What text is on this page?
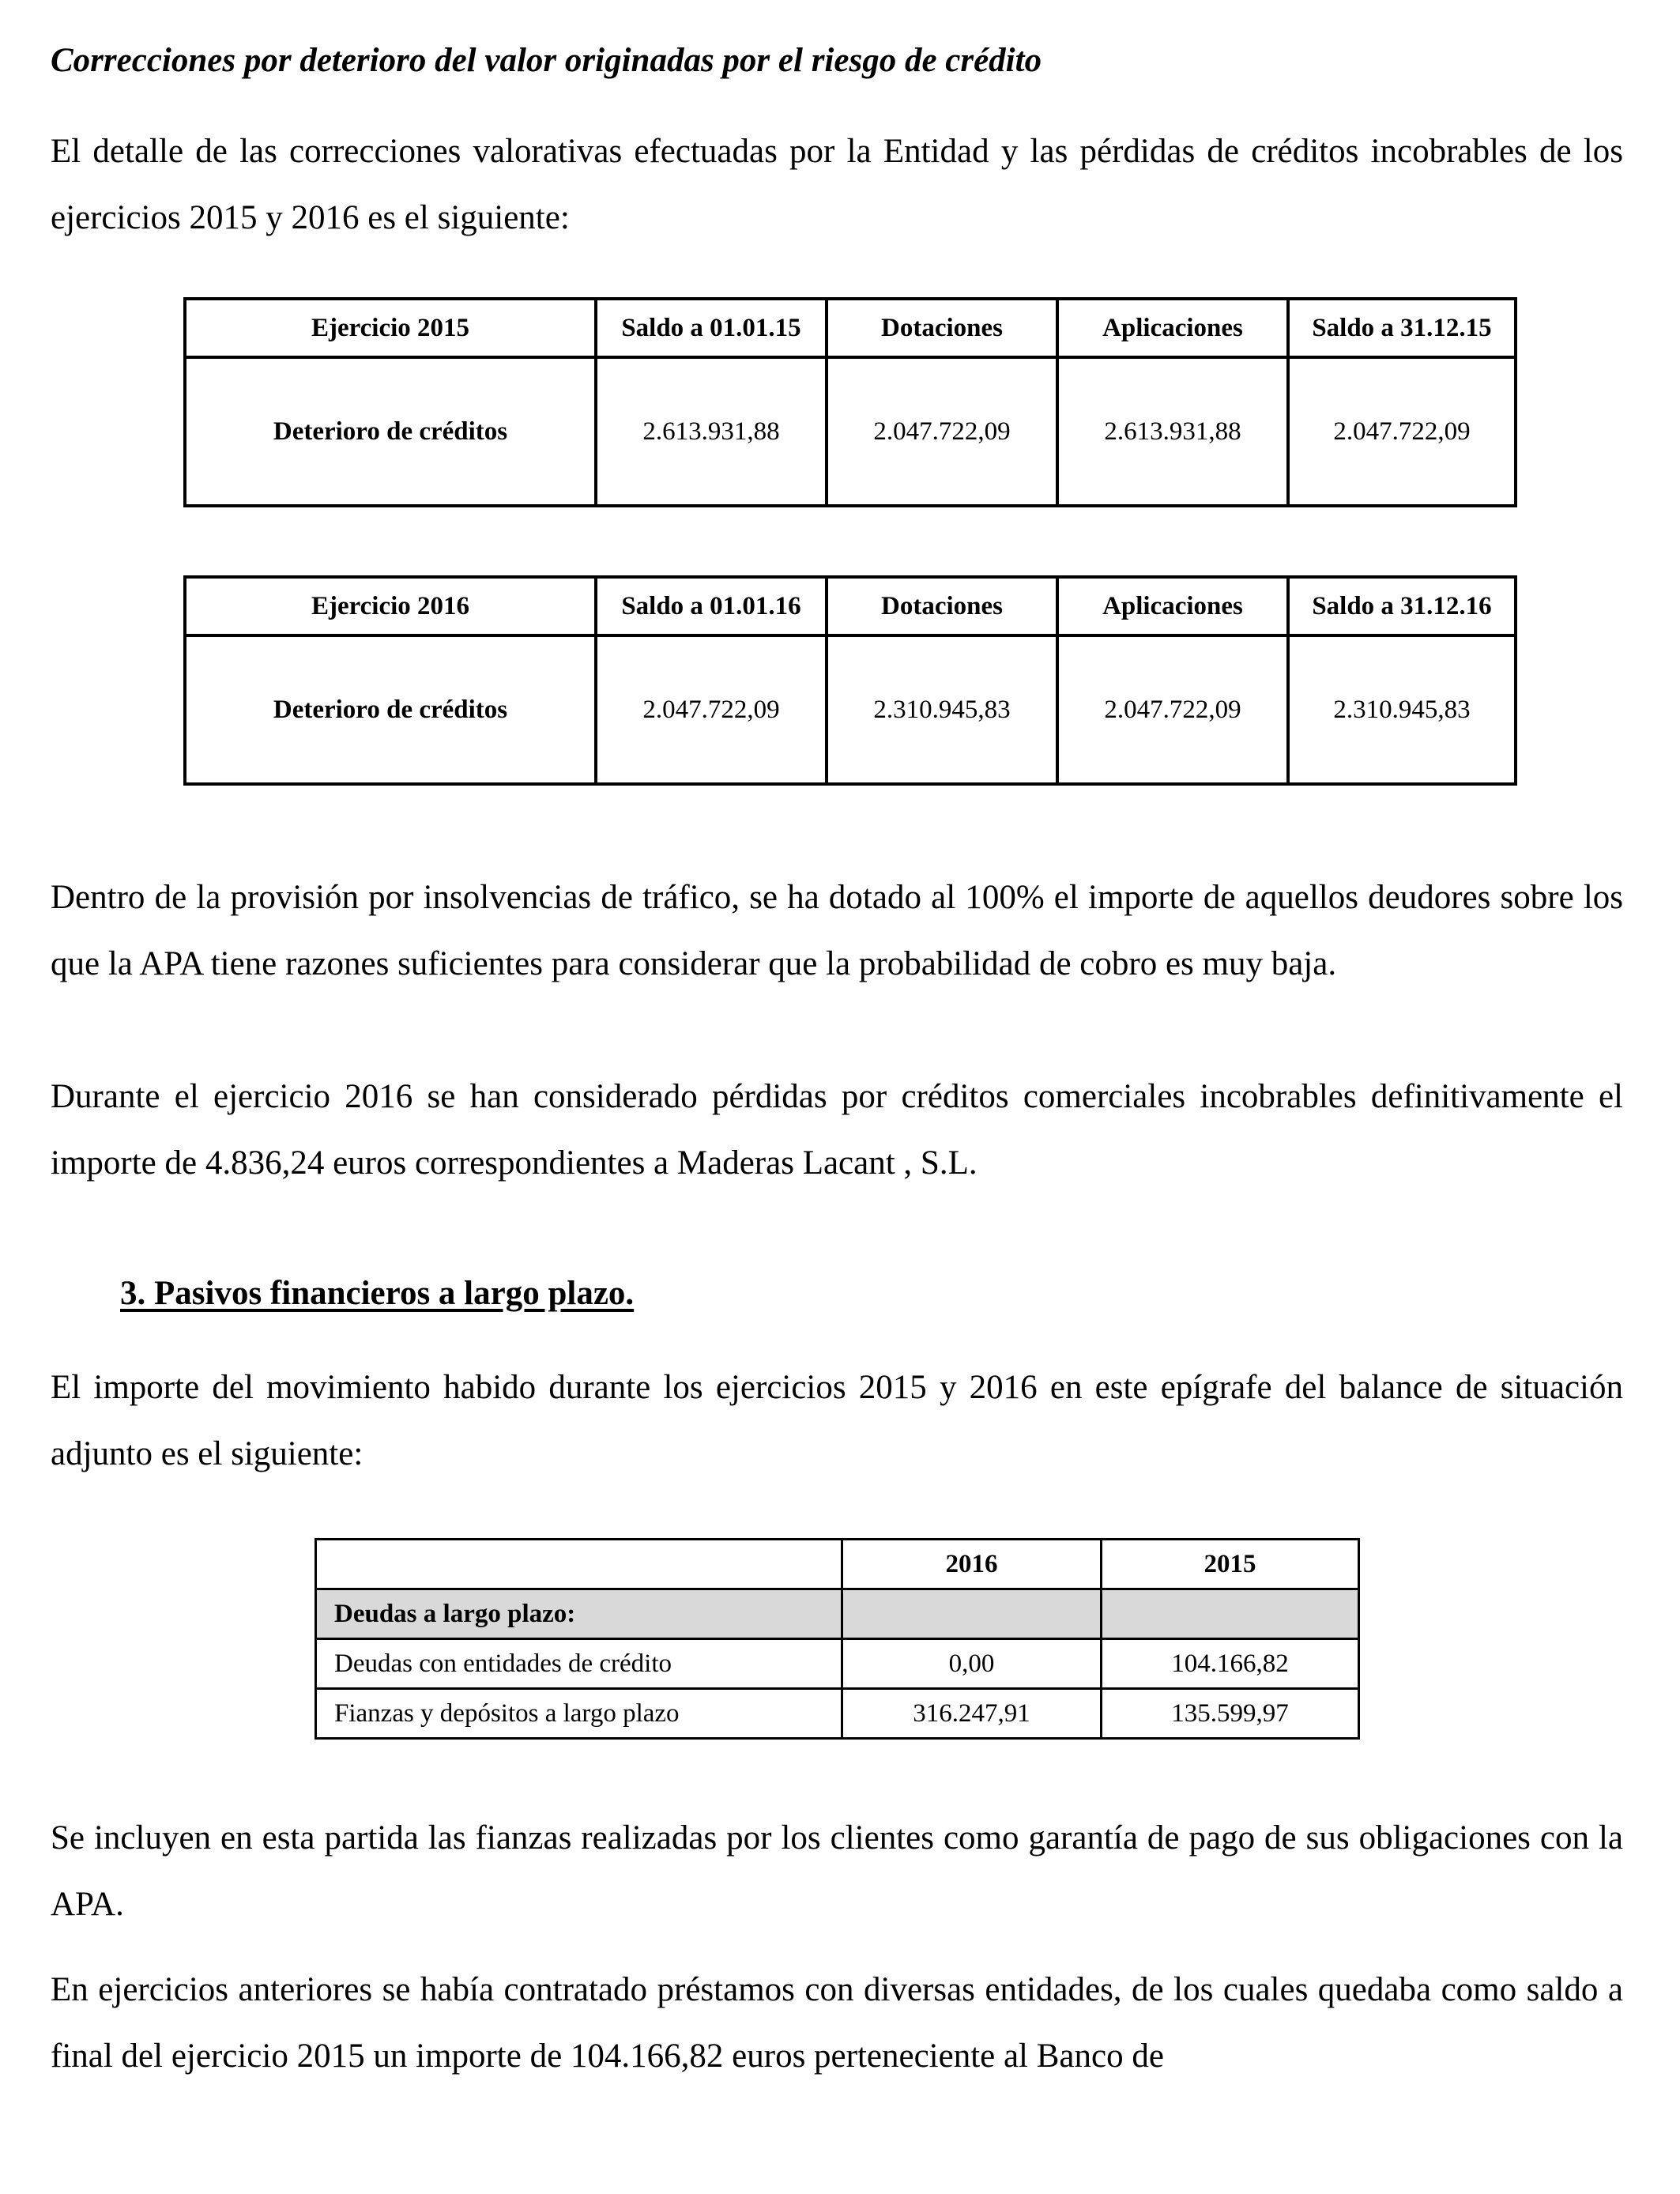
Correcciones por deterioro del valor originadas por el riesgo de crédito
El detalle de las correcciones valorativas efectuadas por la Entidad y las pérdidas de créditos incobrables de los ejercicios 2015 y 2016 es el siguiente:
Ejercicio 2015	Saldo a 01.01.15	Dotaciones	Aplicaciones	Saldo a 31.12.15
Deterioro de créditos	2.613.931,88	2.047.722,09	2.613.931,88	2.047.722,09
Ejercicio 2016	Saldo a 01.01.16	Dotaciones	Aplicaciones	Saldo a 31.12.16
Deterioro de créditos	2.047.722,09	2.310.945,83	2.047.722,09	2.310.945,83
Dentro de la provisión por insolvencias de tráfico, se ha dotado al 100% el importe de aquellos deudores sobre los que la APA tiene razones suficientes para considerar que la probabilidad de cobro es muy baja.
Durante el ejercicio 2016 se han considerado pérdidas por créditos comerciales incobrables definitivamente el importe de 4.836,24 euros correspondientes a Maderas Lacant , S.L.
3. Pasivos financieros a largo plazo.
El importe del movimiento habido durante los ejercicios 2015 y 2016 en este epígrafe del balance de situación adjunto es el siguiente:
	2016	2015
Deudas a largo plazo:		
Deudas con entidades de crédito	0,00	104.166,82
Fianzas y depósitos a largo plazo	316.247,91	135.599,97
Se incluyen en esta partida las fianzas realizadas por los clientes como garantía de pago de sus obligaciones con la APA.
En ejercicios anteriores se había contratado préstamos con diversas entidades, de los cuales quedaba como saldo a final del ejercicio 2015 un importe de 104.166,82 euros perteneciente al Banco de
